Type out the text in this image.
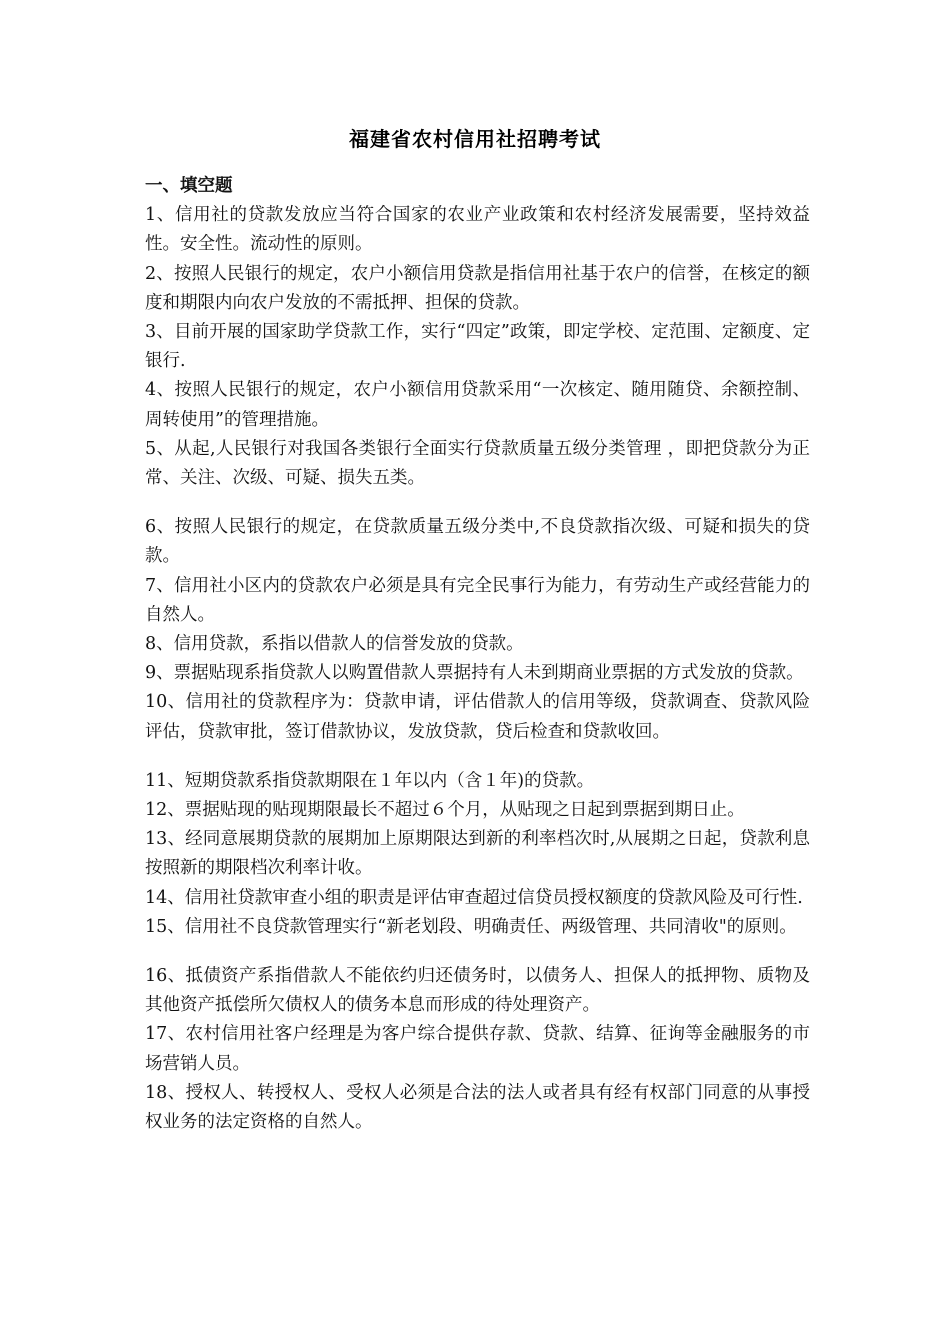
福建省农村信用社招聘考试

一、填空题

1、信用社的贷款发放应当符合国家的农业产业政策和农村经济发展需要，坚持效益性。安全性。流动性的原则。

2、按照人民银行的规定，农户小额信用贷款是指信用社基于农户的信誉，在核定的额度和期限内向农户发放的不需抵押、担保的贷款。

3、目前开展的国家助学贷款工作，实行“四定”政策，即定学校、定范围、定额度、定银行.

4、按照人民银行的规定，农户小额信用贷款采用“一次核定、随用随贷、余额控制、周转使用”的管理措施。

5、从起,人民银行对我国各类银行全面实行贷款质量五级分类管理 ，即把贷款分为正常、关注、次级、可疑、损失五类。

6、按照人民银行的规定，在贷款质量五级分类中,不良贷款指次级、可疑和损失的贷款。

7、信用社小区内的贷款农户必须是具有完全民事行为能力，有劳动生产或经营能力的自然人。

8、信用贷款，系指以借款人的信誉发放的贷款。

9、票据贴现系指贷款人以购置借款人票据持有人未到期商业票据的方式发放的贷款。

10、信用社的贷款程序为：贷款申请，评估借款人的信用等级，贷款调查、贷款风险评估，贷款审批，签订借款协议，发放贷款，贷后检查和贷款收回。

11、短期贷款系指贷款期限在１年以内（含１年)的贷款。

12、票据贴现的贴现期限最长不超过６个月，从贴现之日起到票据到期日止。

13、经同意展期贷款的展期加上原期限达到新的利率档次时,从展期之日起，贷款利息按照新的期限档次利率计收。

14、信用社贷款审查小组的职责是评估审查超过信贷员授权额度的贷款风险及可行性.

15、信用社不良贷款管理实行“新老划段、明确责任、两级管理、共同清收"的原则。

16、抵债资产系指借款人不能依约归还债务时，以债务人、担保人的抵押物、质物及其他资产抵偿所欠债权人的债务本息而形成的待处理资产。

17、农村信用社客户经理是为客户综合提供存款、贷款、结算、征询等金融服务的市场营销人员。

18、授权人、转授权人、受权人必须是合法的法人或者具有经有权部门同意的从事授权业务的法定资格的自然人。
